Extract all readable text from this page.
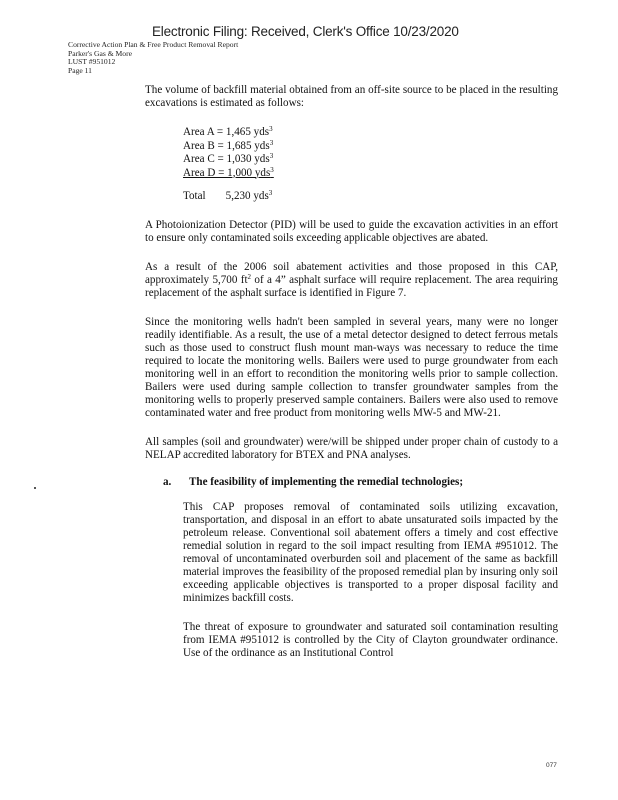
Electronic Filing: Received, Clerk's Office 10/23/2020
Corrective Action Plan & Free Product Removal Report
Parker's Gas & More
LUST #951012
Page 11

The volume of backfill material obtained from an off-site source to be placed in the resulting excavations is estimated as follows:

Area A = 1,465 yds$^3$
Area B = 1,685 yds$^3$
Area C = 1,030 yds$^3$
Area D = 1,000 yds$^3$
Total 5,230 yds$^3$

A Photoionization Detector (PID) will be used to guide the excavation activities in an effort to ensure only contaminated soils exceeding applicable objectives are abated.

As a result of the 2006 soil abatement activities and those proposed in this CAP, approximately 5,700 $ft^2$ of a 4” asphalt surface will require replacement. The area requiring replacement of the asphalt surface is identified in Figure 7.

Since the monitoring wells hadn't been sampled in several years, many were no longer readily identifiable. As a result, the use of a metal detector designed to detect ferrous metals such as those used to construct flush mount man-ways was necessary to reduce the time required to locate the monitoring wells. Bailers were used to purge groundwater from each monitoring well in an effort to recondition the monitoring wells prior to sample collection. Bailers were used during sample collection to transfer groundwater samples from the monitoring wells to properly preserved sample containers. Bailers were also used to remove contaminated water and free product from monitoring wells MW-5 and MW-21.

All samples (soil and groundwater) were/will be shipped under proper chain of custody to a NELAP accredited laboratory for BTEX and PNA analyses.

a. The feasibility of implementing the remedial technologies;

This CAP proposes removal of contaminated soils utilizing excavation, transportation, and disposal in an effort to abate unsaturated soils impacted by the petroleum release. Conventional soil abatement offers a timely and cost effective remedial solution in regard to the soil impact resulting from IEMA #951012. The removal of uncontaminated overburden soil and placement of the same as backfill material improves the feasibility of the proposed remedial plan by insuring only soil exceeding applicable objectives is transported to a proper disposal facility and minimizes backfill costs.

The threat of exposure to groundwater and saturated soil contamination resulting from IEMA #951012 is controlled by the City of Clayton groundwater ordinance. Use of the ordinance as an Institutional Control

077
